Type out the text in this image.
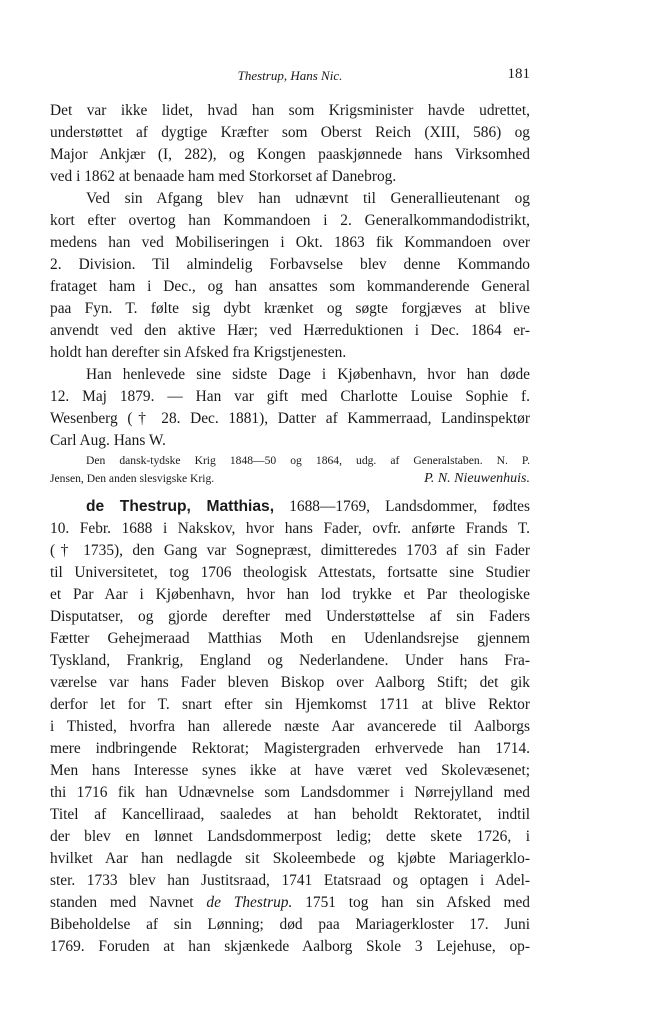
Thestrup, Hans Nic.	181
Det var ikke lidet, hvad han som Krigsminister havde udrettet,
understøttet af dygtige Kræfter som Oberst Reich (XIII, 586) og
Major Ankjær (I, 282), og Kongen paaskjønnede hans Virksomhed
ved i 1862 at benaade ham med Storkorset af Danebrog.
Ved sin Afgang blev han udnævnt til Generallieutenant og
kort efter overtog han Kommandoen i 2. Generalkommandodistrikt,
medens han ved Mobiliseringen i Okt. 1863 fik Kommandoen over
2. Division. Til almindelig Forbavselse blev denne Kommando
frataget ham i Dec., og han ansattes som kommanderende General
paa Fyn. T. følte sig dybt krænket og søgte forgjæves at blive
anvendt ved den aktive Hær; ved Hærreduktionen i Dec. 1864 er-
holdt han derefter sin Afsked fra Krigstjenesten.
Han henlevede sine sidste Dage i Kjøbenhavn, hvor han døde
12. Maj 1879. — Han var gift med Charlotte Louise Sophie f.
Wesenberg († 28. Dec. 1881), Datter af Kammerraad, Landinspektør
Carl Aug. Hans W.
Den dansk-tydske Krig 1848—50 og 1864, udg. af Generalstaben. N. P.
Jensen, Den anden slesvigske Krig.	P. N. Nieuwenhuis.
de Thestrup, Matthias, 1688—1769, Landsdommer, fødtes
10. Febr. 1688 i Nakskov, hvor hans Fader, ovfr. anførte Frands T.
(† 1735), den Gang var Sognepræst, dimitteredes 1703 af sin Fader
til Universitetet, tog 1706 theologisk Attestats, fortsatte sine Studier
et Par Aar i Kjøbenhavn, hvor han lod trykke et Par theologiske
Disputatser, og gjorde derefter med Understøttelse af sin Faders
Fætter Gehejmeraad Matthias Moth en Udenlandsrejse gjennem
Tyskland, Frankrig, England og Nederlandene. Under hans Fra-
værelse var hans Fader bleven Biskop over Aalborg Stift; det gik
derfor let for T. snart efter sin Hjemkomst 1711 at blive Rektor
i Thisted, hvorfra han allerede næste Aar avancerede til Aalborgs
mere indbringende Rektorat; Magistergraden erhvervede han 1714.
Men hans Interesse synes ikke at have været ved Skolevæsenet;
thi 1716 fik han Udnævnelse som Landsdommer i Nørrejylland med
Titel af Kancelliraad, saaledes at han beholdt Rektoratet, indtil
der blev en lønnet Landsdommerpost ledig; dette skete 1726, i
hvilket Aar han nedlagde sit Skoleembede og kjøbte Mariagerklo-
ster. 1733 blev han Justitsraad, 1741 Etatsraad og optagen i Adel-
standen med Navnet de Thestrup. 1751 tog han sin Afsked med
Bibeholdelse af sin Lønning; død paa Mariagerkloster 17. Juni
1769. Foruden at han skjænkede Aalborg Skole 3 Lejehuse, op-
